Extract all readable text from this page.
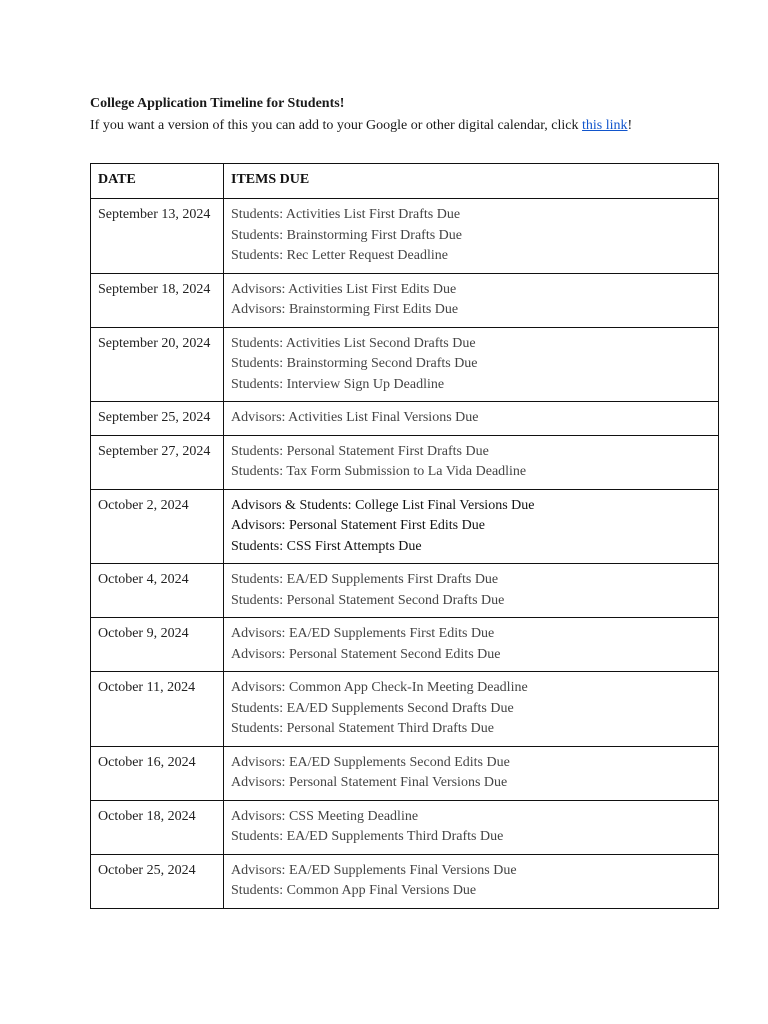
College Application Timeline for Students!
If you want a version of this you can add to your Google or other digital calendar, click this link!
DATE	ITEMS DUE
September 13, 2024	Students: Activities List First Drafts Due
Students: Brainstorming First Drafts Due
Students: Rec Letter Request Deadline

September 18, 2024	Advisors: Activities List First Edits Due
Advisors: Brainstorming First Edits Due

September 20, 2024	Students: Activities List Second Drafts Due
Students: Brainstorming Second Drafts Due
Students: Interview Sign Up Deadline

September 25, 2024	Advisors: Activities List Final Versions Due

September 27, 2024	Students: Personal Statement First Drafts Due
Students: Tax Form Submission to La Vida Deadline

October 2, 2024	Advisors & Students: College List Final Versions Due
Advisors: Personal Statement First Edits Due
Students: CSS First Attempts Due

October 4, 2024	Students: EA/ED Supplements First Drafts Due
Students: Personal Statement Second Drafts Due

October 9, 2024	Advisors: EA/ED Supplements First Edits Due
Advisors: Personal Statement Second Edits Due

October 11, 2024	Advisors: Common App Check-In Meeting Deadline
Students: EA/ED Supplements Second Drafts Due
Students: Personal Statement Third Drafts Due

October 16, 2024	Advisors: EA/ED Supplements Second Edits Due
Advisors: Personal Statement Final Versions Due

October 18, 2024	Advisors: CSS Meeting Deadline
Students: EA/ED Supplements Third Drafts Due

October 25, 2024	Advisors: EA/ED Supplements Final Versions Due
Students: Common App Final Versions Due
